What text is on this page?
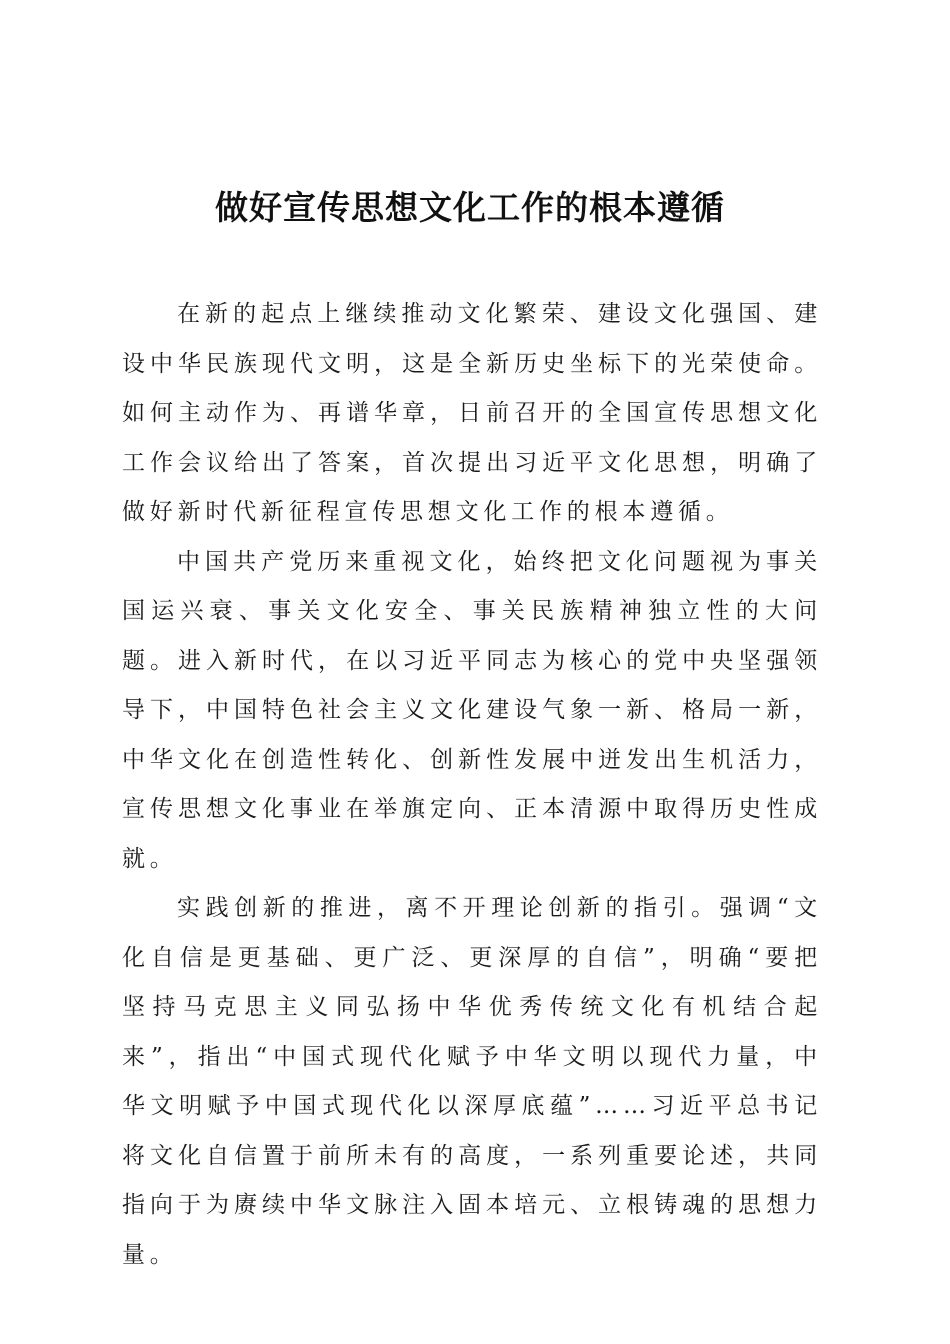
做好宣传思想文化工作的根本遵循

在新的起点上继续推动文化繁荣、建设文化强国、建设中华民族现代文明，这是全新历史坐标下的光荣使命。如何主动作为、再谱华章，日前召开的全国宣传思想文化工作会议给出了答案，首次提出习近平文化思想，明确了做好新时代新征程宣传思想文化工作的根本遵循。

中国共产党历来重视文化，始终把文化问题视为事关国运兴衰、事关文化安全、事关民族精神独立性的大问题。进入新时代，在以习近平同志为核心的党中央坚强领导下，中国特色社会主义文化建设气象一新、格局一新，中华文化在创造性转化、创新性发展中迸发出生机活力，宣传思想文化事业在举旗定向、正本清源中取得历史性成就。

实践创新的推进，离不开理论创新的指引。强调“文化自信是更基础、更广泛、更深厚的自信”，明确“要把坚持马克思主义同弘扬中华优秀传统文化有机结合起来”，指出“中国式现代化赋予中华文明以现代力量，中华文明赋予中国式现代化以深厚底蕴”……习近平总书记将文化自信置于前所未有的高度，一系列重要论述，共同指向于为赓续中华文脉注入固本培元、立根铸魂的思想力量。
